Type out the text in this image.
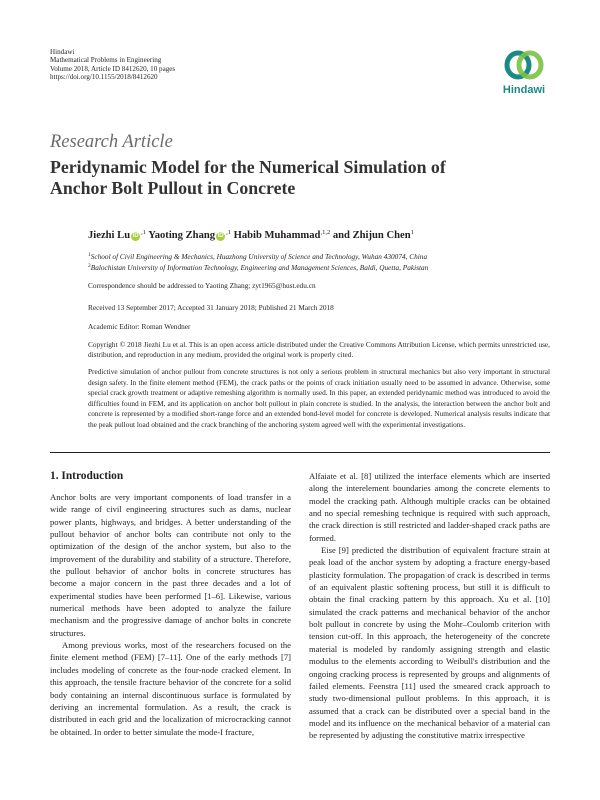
Hindawi
Mathematical Problems in Engineering
Volume 2018, Article ID 8412620, 10 pages
https://doi.org/10.1155/2018/8412620
Hindawi
Research Article
Peridynamic Model for the Numerical Simulation of
Anchor Bolt Pullout in Concrete
Jiezhi Lu iD $^{,1}$ Yaoting Zhang iD $^{,1}$ Habib Muhammad$^{,1,2}$ and Zhijun Chen$^1$
$^1$School of Civil Engineering & Mechanics, Huazhong University of Science and Technology, Wuhan 430074, China
$^2$Balochistan University of Information Technology, Engineering and Management Sciences, Baldi, Quetta, Pakistan
Correspondence should be addressed to Yaoting Zhang; zyt1965@hust.edu.cn
Received 13 September 2017; Accepted 31 January 2018; Published 21 March 2018
Academic Editor: Roman Wendner
Copyright © 2018 Jiezhi Lu et al. This is an open access article distributed under the Creative Commons Attribution License, which permits unrestricted use, distribution, and reproduction in any medium, provided the original work is properly cited.
Predictive simulation of anchor pullout from concrete structures is not only a serious problem in structural mechanics but also very important in structural design safety. In the finite element method (FEM), the crack paths or the points of crack initiation usually need to be assumed in advance. Otherwise, some special crack growth treatment or adaptive remeshing algorithm is normally used. In this paper, an extended peridynamic method was introduced to avoid the difficulties found in FEM, and its application on anchor bolt pullout in plain concrete is studied. In the analysis, the interaction between the anchor bolt and concrete is represented by a modified short-range force and an extended bond-level model for concrete is developed. Numerical analysis results indicate that the peak pullout load obtained and the crack branching of the anchoring system agreed well with the experimental investigations.
1. Introduction

Anchor bolts are very important components of load transfer in a wide range of civil engineering structures such as dams, nuclear power plants, highways, and bridges. A better understanding of the pullout behavior of anchor bolts can contribute not only to the optimization of the design of the anchor system, but also to the improvement of the durability and stability of a structure. Therefore, the pullout behavior of anchor bolts in concrete structures has become a major concern in the past three decades and a lot of experimental studies have been performed [1–6]. Likewise, various numerical methods have been adopted to analyze the failure mechanism and the progressive damage of anchor bolts in concrete structures.

Among previous works, most of the researchers focused on the finite element method (FEM) [7–11]. One of the early methods [7] includes modeling of concrete as the four-node cracked element. In this approach, the tensile fracture behavior of the concrete for a solid body containing an internal discontinuous surface is formulated by deriving an incremental formulation. As a result, the crack is distributed in each grid and the localization of microcracking cannot be obtained. In order to better simulate the mode-I fracture,

Alfaiate et al. [8] utilized the interface elements which are inserted along the interelement boundaries among the concrete elements to model the cracking path. Although multiple cracks can be obtained and no special remeshing technique is required with such approach, the crack direction is still restricted and ladder-shaped crack paths are formed.

Eise [9] predicted the distribution of equivalent fracture strain at peak load of the anchor system by adopting a fracture energy-based plasticity formulation. The propagation of crack is described in terms of an equivalent plastic softening process, but still it is difficult to obtain the final cracking pattern by this approach. Xu et al. [10] simulated the crack patterns and mechanical behavior of the anchor bolt pullout in concrete by using the Mohr–Coulomb criterion with tension cut-off. In this approach, the heterogeneity of the concrete material is modeled by randomly assigning strength and elastic modulus to the elements according to Weibull's distribution and the ongoing cracking process is represented by groups and alignments of failed elements. Feenstra [11] used the smeared crack approach to study two-dimensional pullout problems. In this approach, it is assumed that a crack can be distributed over a special band in the model and its influence on the mechanical behavior of a material can be represented by adjusting the constitutive matrix irrespective
